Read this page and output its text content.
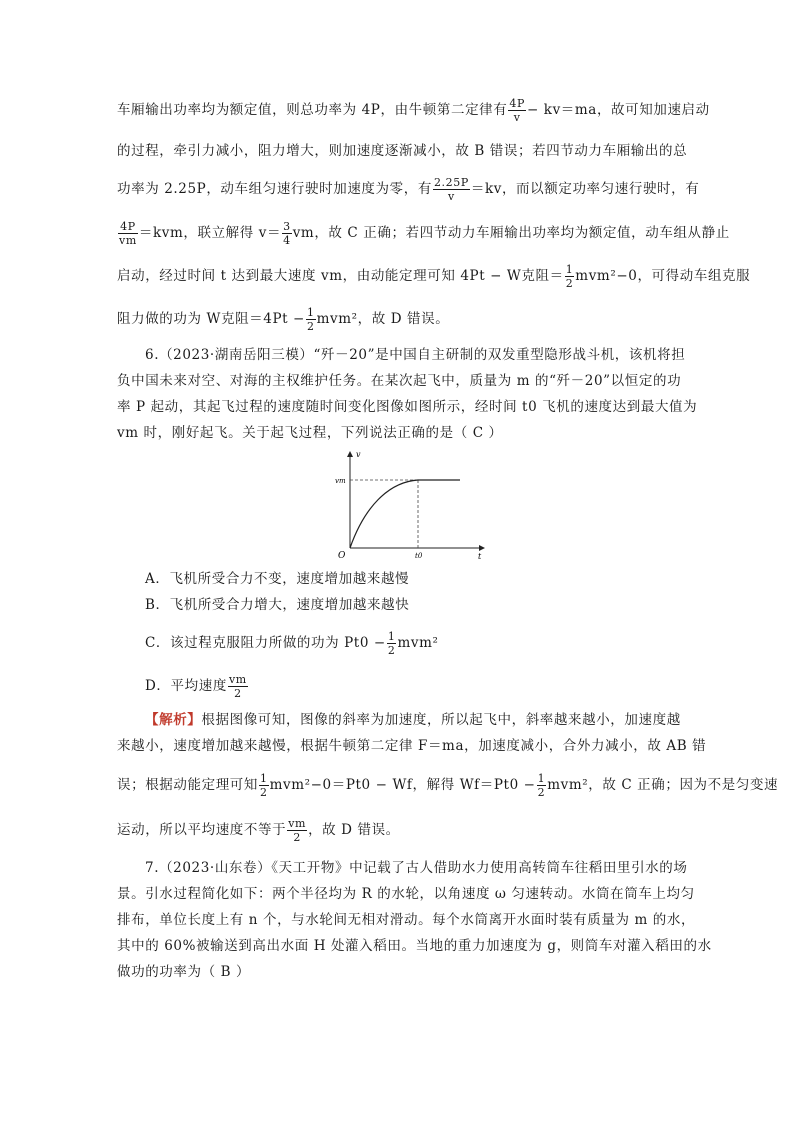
车厢输出功率均为额定值，则总功率为 4P，由牛顿第二定律有 $\frac{4P}{v} - kv=ma$，故可知加速启动
的过程，牵引力减小，阻力增大，则加速度逐渐减小，故 B 错误；若四节动力车厢输出的总
功率为 2.25P，动车组匀速行驶时加速度为零，有 $\frac{2.25P}{v} =kv$，而以额定功率匀速行驶时，有
$\frac{4P}{vm} =kvm$，联立解得 $v= \frac{3}{4}$ vm，故 C 正确；若四节动力车厢输出功率均为额定值，动车组从静止
启动，经过时间 t 达到最大速度 vm，由动能定理可知 4Pt − W克阻＝ $\frac{1}{2} mvm^2-0$，可得动车组克服
阻力做的功为 W克阻$=4Pt - \frac{1}{2} mvm^2$，故 D 错误。
6.（2023·湖南岳阳三模）“歼－20”是中国自主研制的双发重型隐形战斗机，该机将担
负中国未来对空、对海的主权维护任务。在某次起飞中，质量为 m 的“歼－20”以恒定的功
率 P 起动，其起飞过程的速度随时间变化图像如图所示，经时间 t0 飞机的速度达到最大值为
vm 时，刚好起飞。关于起飞过程，下列说法正确的是（ C ）
v
t
O
vm
t0
A．飞机所受合力不变，速度增加越来越慢
B．飞机所受合力增大，速度增加越来越快
C．该过程克服阻力所做的功为 $Pt0 - \frac{1}{2} mvm^2$
D．平均速度 $\frac{vm}{2}$
【解析】根据图像可知，图像的斜率为加速度，所以起飞中，斜率越来越小，加速度越
来越小，速度增加越来越慢，根据牛顿第二定律 F＝ma，加速度减小，合外力减小，故 AB 错
误；根据动能定理可知 $\frac{1}{2} mvm^2-0=Pt0 - Wf$，解得 $Wf=Pt0 - \frac{1}{2} mvm^2$，故 C 正确；因为不是匀变速
运动，所以平均速度不等于 $\frac{vm}{2}$ ，故 D 错误。
7.（2023·山东卷）《天工开物》中记载了古人借助水力使用高转筒车往稻田里引水的场
景。引水过程简化如下：两个半径均为 R 的水轮，以角速度 ω 匀速转动。水筒在筒车上均匀
排布，单位长度上有 n 个，与水轮间无相对滑动。每个水筒离开水面时装有质量为 m 的水，
其中的 60%被输送到高出水面 H 处灌入稻田。当地的重力加速度为 g，则筒车对灌入稻田的水
做功的功率为（ B ）
